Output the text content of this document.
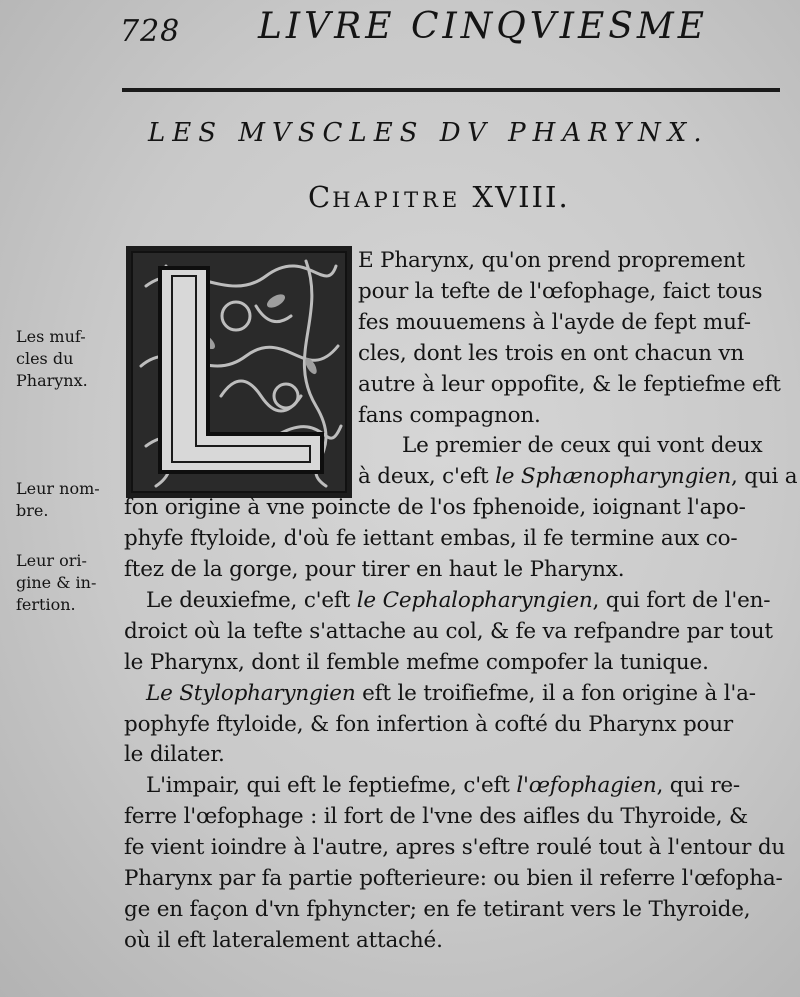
728 LIVRE CINQVIESME
LES MVSCLES DV PHARYNX.
CHAPITRE XVIII.
Les muf-
cles du
Pharynx.
Leur nom-
bre.
Leur ori-
gine & in-
fertion.
E Pharynx, qu'on prend proprement
pour la tefte de l'œfophage, faict tous
fes mouuemens à l'ayde de fept muf-
cles, dont les trois en ont chacun vn
autre à leur oppofite, & le feptiefme eft
fans compagnon.
Le premier de ceux qui vont deux
à deux, c'eft le Sphænopharyngien, qui a
fon origine à vne poincte de l'os fphenoide, ioignant l'apo-
phyfe ftyloide, d'où fe iettant embas, il fe termine aux co-
ftez de la gorge, pour tirer en haut le Pharynx.
Le deuxiefme, c'eft le Cephalopharyngien, qui fort de l'en-
droict où la tefte s'attache au col, & fe va refpandre par tout
le Pharynx, dont il femble mefme compofer la tunique.
Le Stylopharyngien eft le troifiefme, il a fon origine à l'a-
pophyfe ftyloide, & fon infertion à cofté du Pharynx pour
le dilater.
L'impair, qui eft le feptiefme, c'eft l'œfophagien, qui re-
ferre l'œfophage : il fort de l'vne des aifles du Thyroide, &
fe vient ioindre à l'autre, apres s'eftre roulé tout à l'entour du
Pharynx par fa partie pofterieure: ou bien il referre l'œfopha-
ge en façon d'vn fphyncter; en fe tetirant vers le Thyroide,
où il eft lateralement attaché.
